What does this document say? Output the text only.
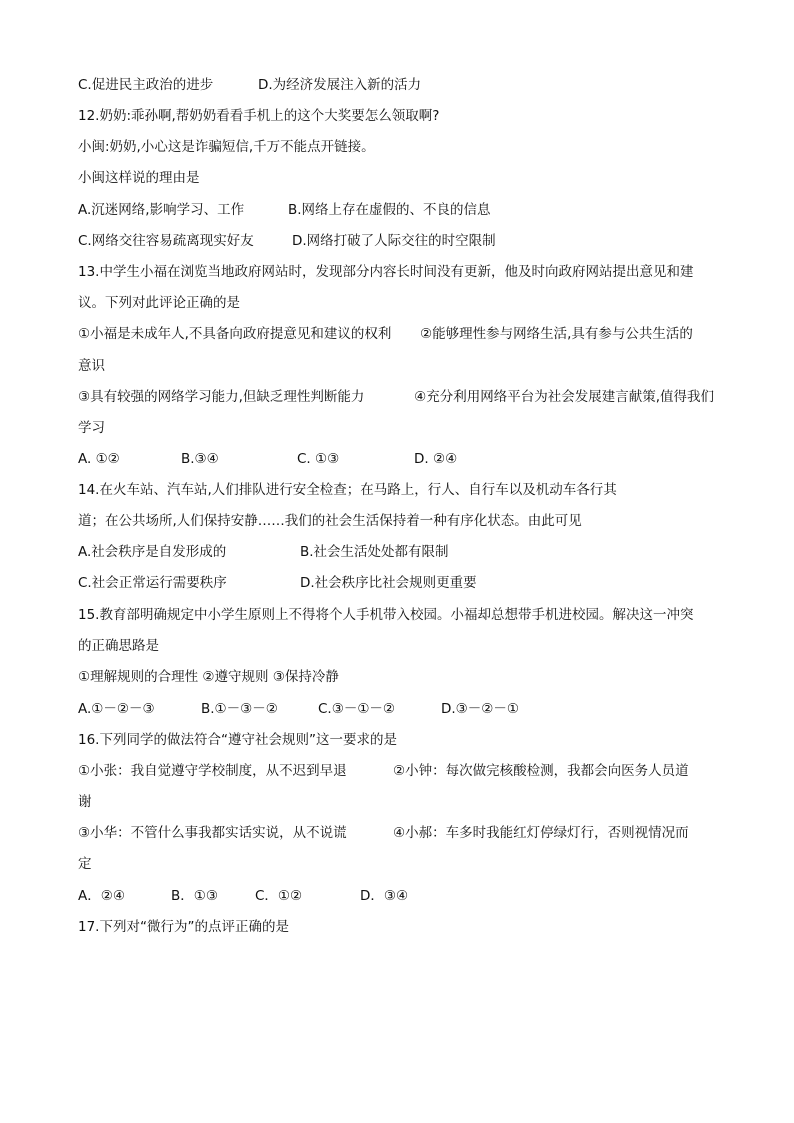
C.促进民主政治的进步	D.为经济发展注入新的活力
12.奶奶:乖孙啊,帮奶奶看看手机上的这个大奖要怎么领取啊?
小闽:奶奶,小心这是诈骗短信,千万不能点开链接。
小闽这样说的理由是
A.沉迷网络,影响学习、工作	B.网络上存在虚假的、不良的信息
C.网络交往容易疏离现实好友	D.网络打破了人际交往的时空限制
13.中学生小福在浏览当地政府网站时，发现部分内容长时间没有更新，他及时向政府网站提出意见和建
议。下列对此评论正确的是
①小福是未成年人,不具备向政府提意见和建议的权利	②能够理性参与网络生活,具有参与公共生活的
意识
③具有较强的网络学习能力,但缺乏理性判断能力	④充分利用网络平台为社会发展建言献策,值得我们
学习
A. ①②	B.③④	C. ①③	D. ②④
14.在火车站、汽车站,人们排队进行安全检查；在马路上，行人、自行车以及机动车各行其
道；在公共场所,人们保持安静……我们的社会生活保持着一种有序化状态。由此可见
A.社会秩序是自发形成的	B.社会生活处处都有限制
C.社会正常运行需要秩序	D.社会秩序比社会规则更重要
15.教育部明确规定中小学生原则上不得将个人手机带入校园。小福却总想带手机进校园。解决这一冲突
的正确思路是
①理解规则的合理性 ②遵守规则 ③保持冷静
A.①－②－③	B.①－③－②	C.③－①－②	D.③－②－①
16.下列同学的做法符合“遵守社会规则”这一要求的是
①小张：我自觉遵守学校制度，从不迟到早退	②小钟：每次做完核酸检测，我都会向医务人员道
谢
③小华：不管什么事我都实话实说，从不说谎	④小郝：车多时我能红灯停绿灯行，否则视情况而
定
A．②④	B．①③	C．①②	D．③④
17.下列对“微行为”的点评正确的是
